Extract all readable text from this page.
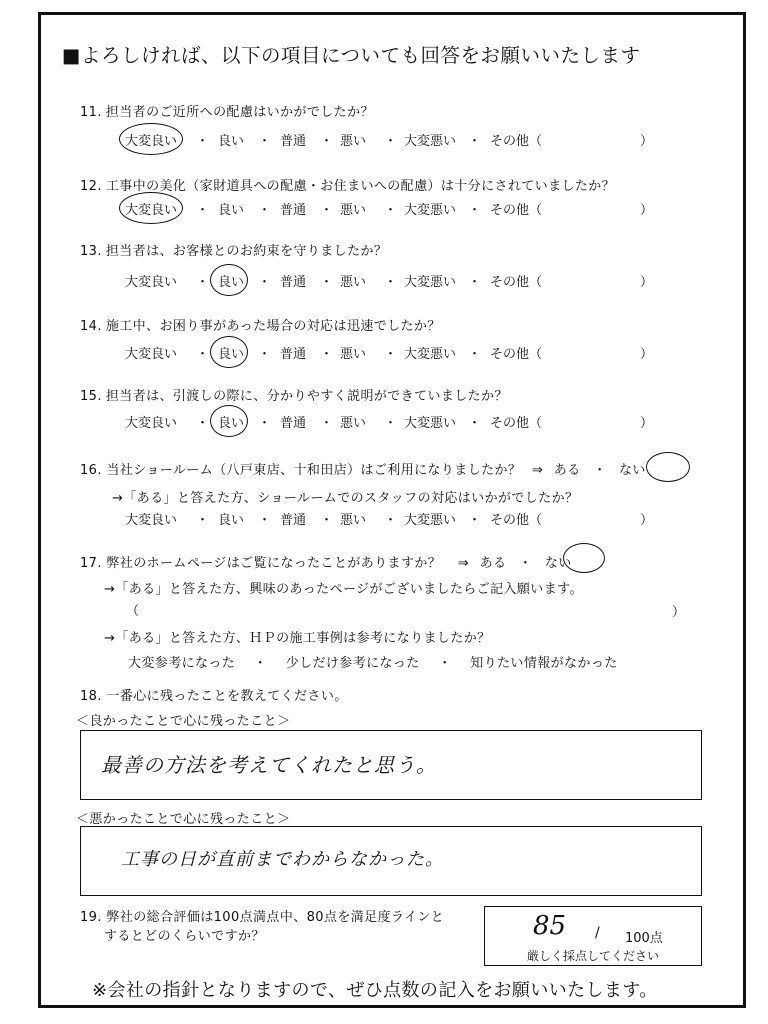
■よろしければ、以下の項目についても回答をお願いいたします
11. 担当者のご近所への配慮はいかがでしたか？
大変良い	良い	普通	悪い	大変悪い	その他（	）
・	・	・	・	・
12. 工事中の美化（家財道具への配慮・お住まいへの配慮）は十分にされていましたか？
大変良い	良い	普通	悪い	大変悪い	その他（	）
・	・	・	・	・
13. 担当者は、お客様とのお約束を守りましたか？
大変良い	良い	普通	悪い	大変悪い	その他（	）
・	・	・	・	・
14. 施工中、お困り事があった場合の対応は迅速でしたか？
大変良い	良い	普通	悪い	大変悪い	その他（	）
・	・	・	・	・
15. 担当者は、引渡しの際に、分かりやすく説明ができていましたか？
大変良い	良い	普通	悪い	大変悪い	その他（	）
・	・	・	・	・
16. 当社ショールーム（八戸東店、十和田店）はご利用になりましたか？ ⇒ ある ・ ない
→「ある」と答えた方、ショールームでのスタッフの対応はいかがでしたか？
大変良い	良い	普通	悪い	大変悪い	その他（	）
・	・	・	・	・
17. 弊社のホームページはご覧になったことがありますか？ ⇒ ある ・ ない
→「ある」と答えた方、興味のあったページがございましたらご記入願います。
（	）
→「ある」と答えた方、ＨＰの施工事例は参考になりましたか？
大変参考になった ・ 少しだけ参考になった ・ 知りたい情報がなかった
18. 一番心に残ったことを教えてください。
＜良かったことで心に残ったこと＞
最善の方法を考えてくれたと思う。
＜悪かったことで心に残ったこと＞
工事の日が直前までわからなかった。
19. 弊社の総合評価は100点満点中、80点を満足度ラインと
するとどのくらいですか？	85 / 100点
厳しく採点してください
※会社の指針となりますので、ぜひ点数の記入をお願いいたします。
